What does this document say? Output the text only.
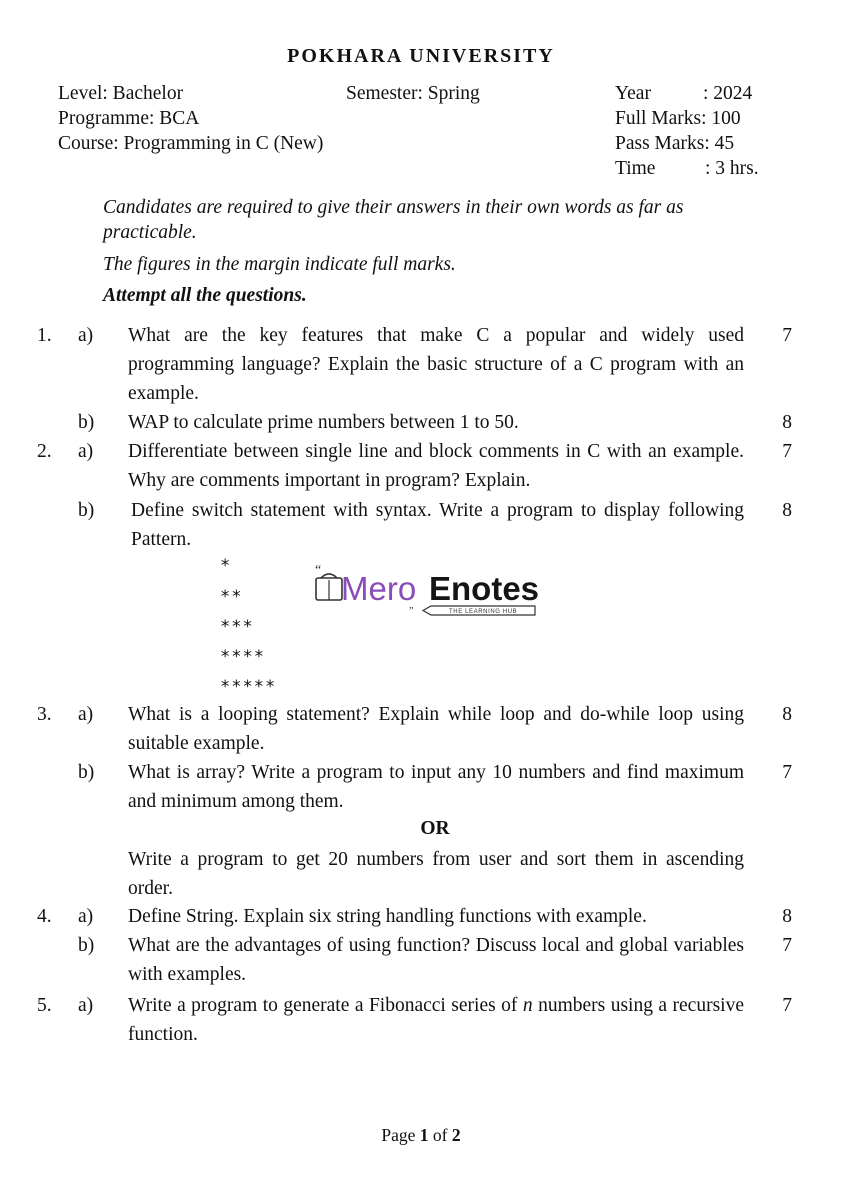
POKHARA UNIVERSITY
Level: Bachelor
Programme: BCA
Course: Programming in C (New)
Semester: Spring	Year	: 2024
Full Marks: 100
Pass Marks: 45
Time	: 3 hrs.
Candidates are required to give their answers in their own words as far as practicable.
The figures in the margin indicate full marks.
Attempt all the questions.
1. a) What are the key features that make C a popular and widely used programming language? Explain the basic structure of a C program with an example.
7
b) WAP to calculate prime numbers between 1 to 50.	8
2. a) Differentiate between single line and block comments in C with an example. Why are comments important in program? Explain.
7
b) Define switch statement with syntax. Write a program to display following Pattern.
8
*
**
***
****
*****
“ Mero Enotes
THE LEARNING HUB
”
3. a) What is a looping statement? Explain while loop and do-while loop using suitable example.
8
b) What is array? Write a program to input any 10 numbers and find maximum and minimum among them.
7
OR
Write a program to get 20 numbers from user and sort them in ascending order.
4. a) Define String. Explain six string handling functions with example.	8
b) What are the advantages of using function? Discuss local and global variables with examples.
7
5. a) Write a program to generate a Fibonacci series of n numbers using a recursive function.
7
Page 1 of 2
